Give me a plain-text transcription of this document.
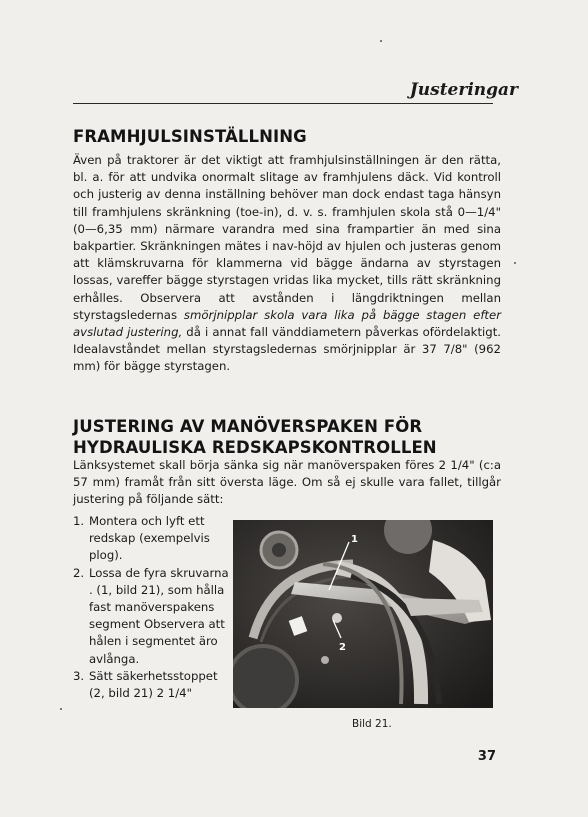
Justeringar
FRAMHJULSINSTÄLLNING
Även på traktorer är det viktigt att framhjulsinställningen är den rätta, bl. a. för att undvika onormalt slitage av framhjulens däck. Vid kontroll och justerig av denna inställning behöver man dock endast taga hänsyn till framhjulens skränkning (toe-in), d. v. s. framhjulen skola stå 0—1/4" (0—6,35 mm) närmare varandra med sina frampartier än med sina bakpartier. Skränkningen mätes i nav-höjd av hjulen och justeras genom att klämskruvarna för klammerna vid bägge ändarna av styrstagen lossas, vareffer bägge styrstagen vridas lika mycket, tills rätt skränkning erhålles. Observera att avstånden i längdriktningen mellan styrstagsledernas smörjnipplar skola vara lika på bägge stagen efter avslutad justering, då i annat fall vänddiametern påverkas ofördelaktigt. Idealavståndet mellan styrstagsledernas smörjnipplar är 37 7/8" (962 mm) för bägge styrstagen.
JUSTERING AV MANÖVERSPAKEN FÖR HYDRAULISKA REDSKAPSKONTROLLEN
Länksystemet skall börja sänka sig när manöverspaken föres 2 1/4" (c:a 57 mm) framåt från sitt översta läge. Om så ej skulle vara fallet, tillgår justering på följande sätt:
1. Montera och lyft ett redskap (exempelvis plog).
2. Lossa de fyra skruvarna . (1, bild 21), som hålla fast manöverspakens segment Observera att hålen i segmentet äro avlånga.
3. Sätt säkerhetsstoppet (2, bild 21) 2 1/4"
1
2
Bild 21.
37
